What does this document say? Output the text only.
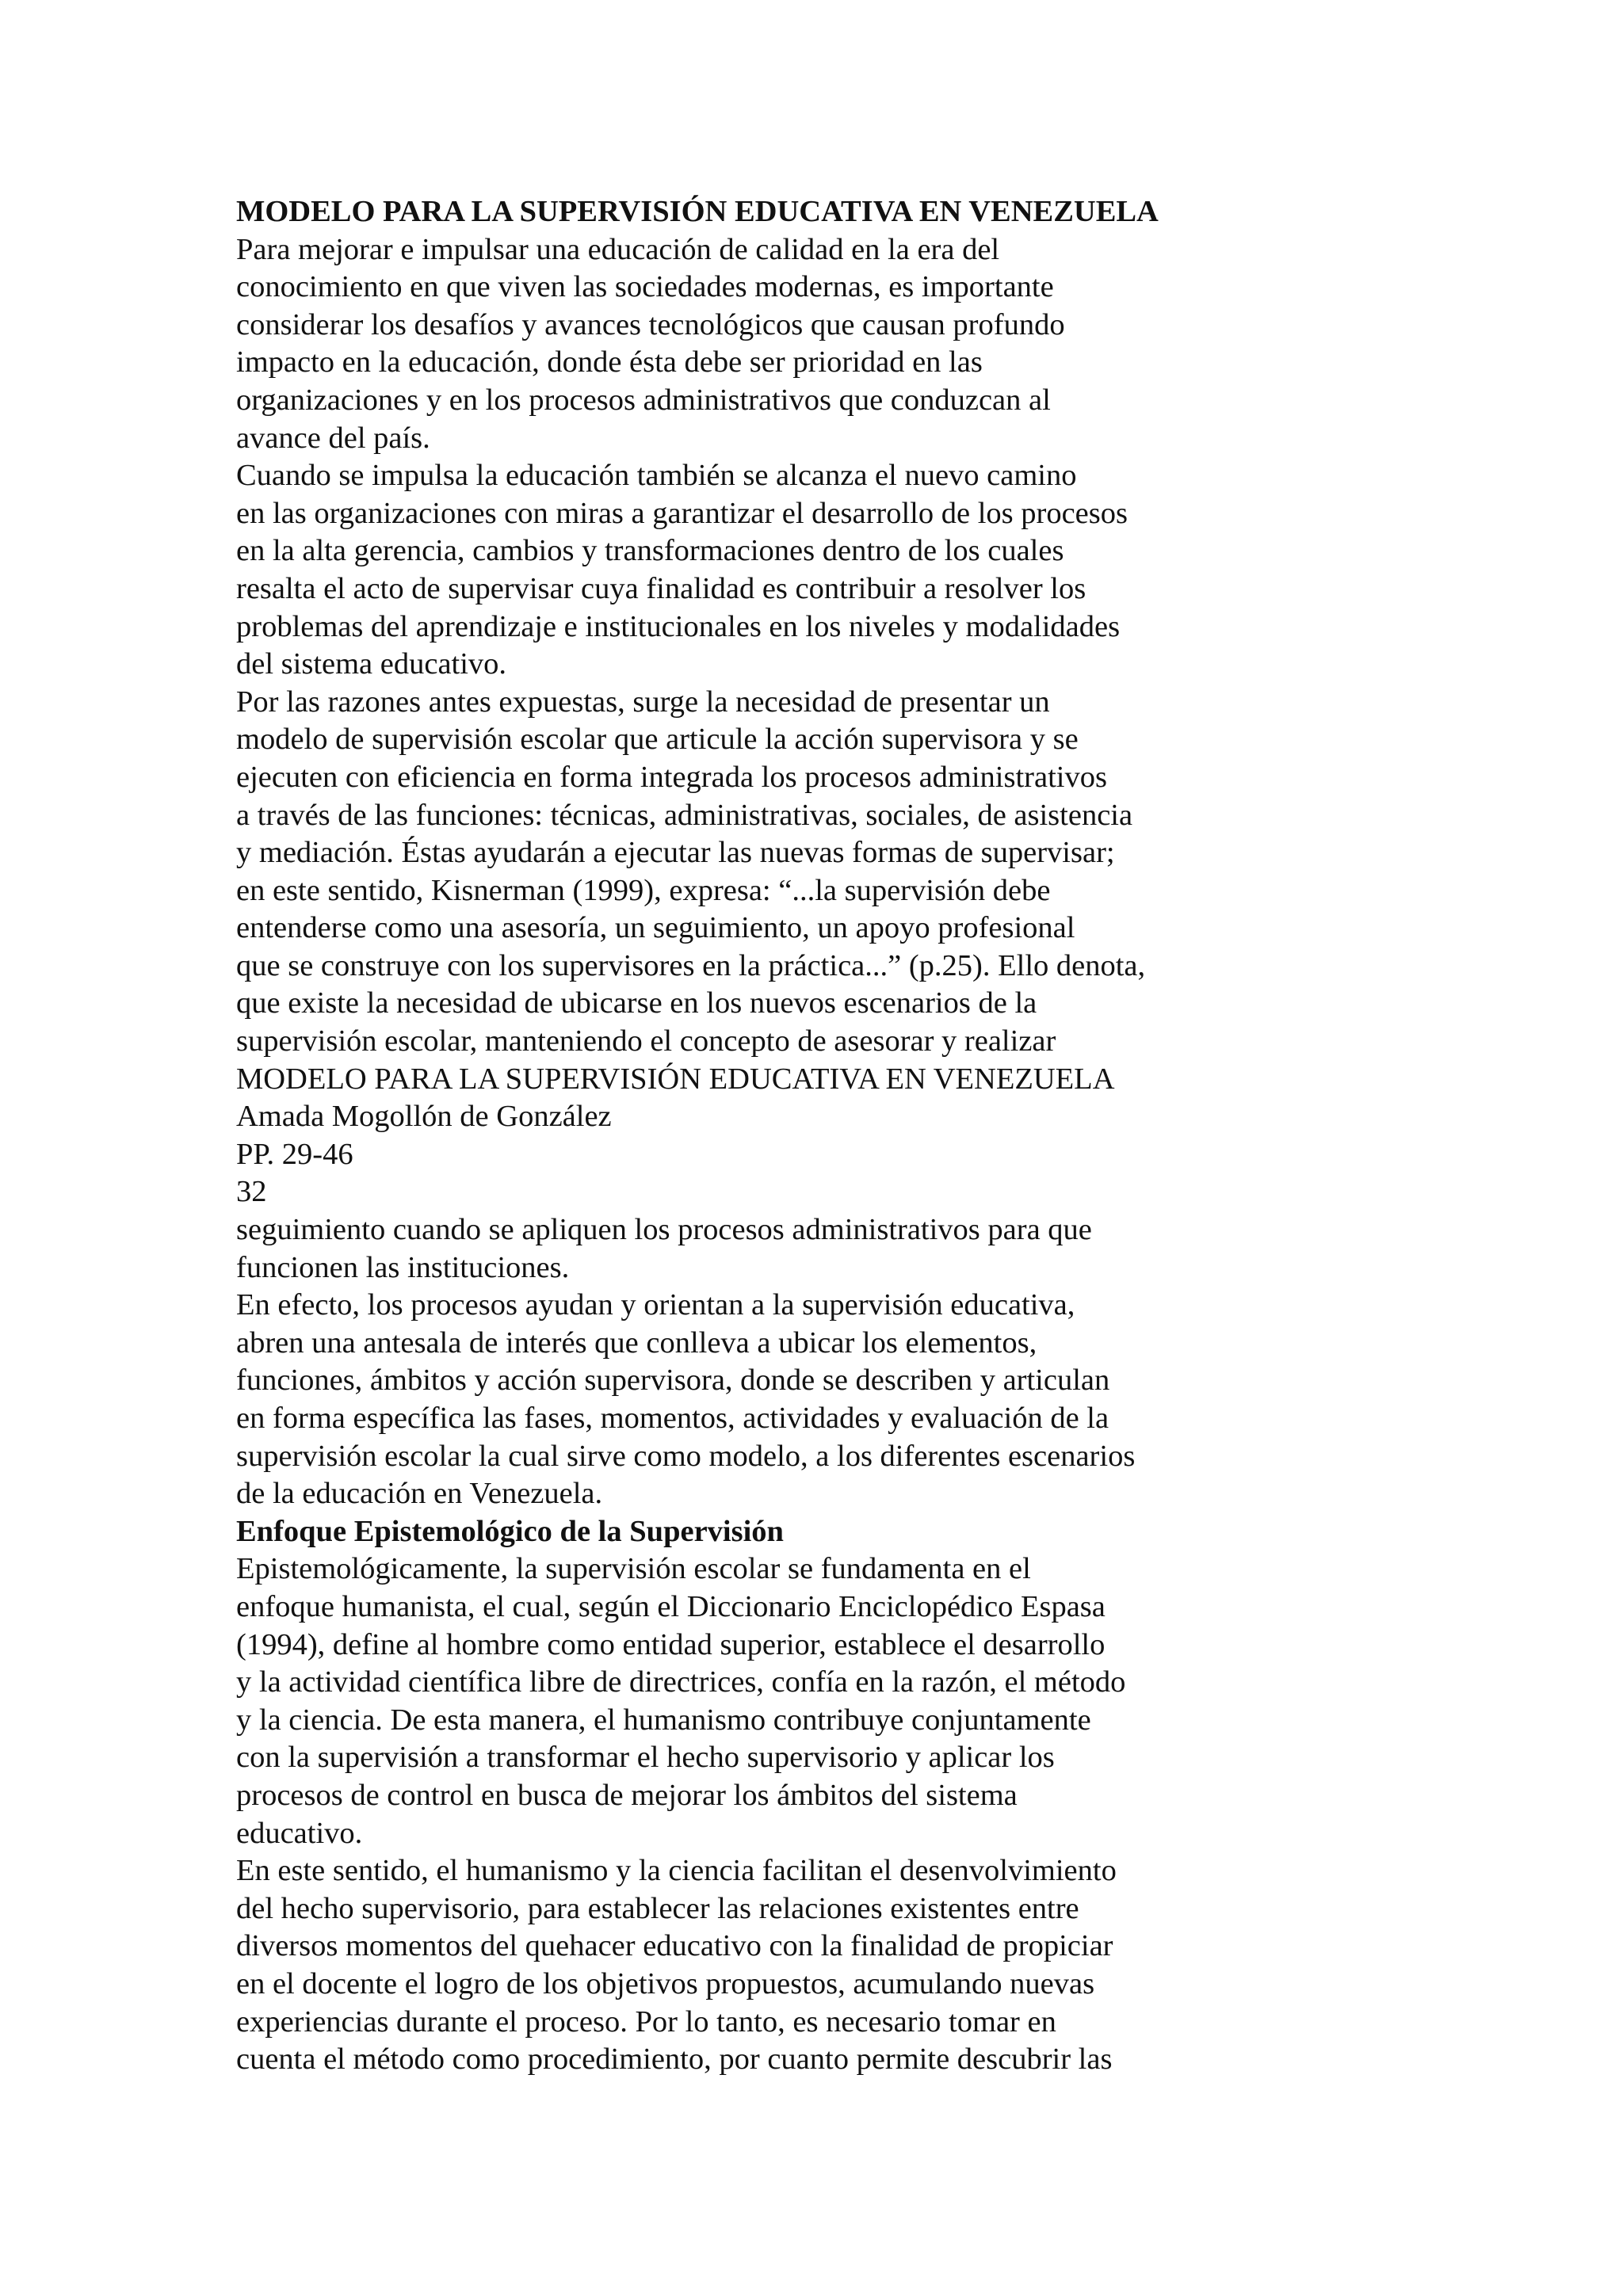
MODELO PARA LA SUPERVISIÓN EDUCATIVA EN VENEZUELA
Para mejorar e impulsar una educación de calidad en la era del
conocimiento en que viven las sociedades modernas, es importante
considerar los desafíos y avances tecnológicos que causan profundo
impacto en la educación, donde ésta debe ser prioridad en las
organizaciones y en los procesos administrativos que conduzcan al
avance del país.
Cuando se impulsa la educación también se alcanza el nuevo camino
en las organizaciones con miras a garantizar el desarrollo de los procesos
en la alta gerencia, cambios y transformaciones dentro de los cuales
resalta el acto de supervisar cuya finalidad es contribuir a resolver los
problemas del aprendizaje e institucionales en los niveles y modalidades
del sistema educativo.
Por las razones antes expuestas, surge la necesidad de presentar un
modelo de supervisión escolar que articule la acción supervisora y se
ejecuten con eficiencia en forma integrada los procesos administrativos
a través de las funciones: técnicas, administrativas, sociales, de asistencia
y mediación. Éstas ayudarán a ejecutar las nuevas formas de supervisar;
en este sentido, Kisnerman (1999), expresa: “...la supervisión debe
entenderse como una asesoría, un seguimiento, un apoyo profesional
que se construye con los supervisores en la práctica...” (p.25). Ello denota,
que existe la necesidad de ubicarse en los nuevos escenarios de la
supervisión escolar, manteniendo el concepto de asesorar y realizar
MODELO PARA LA SUPERVISIÓN EDUCATIVA EN VENEZUELA
Amada Mogollón de González
PP. 29-46
32
seguimiento cuando se apliquen los procesos administrativos para que
funcionen las instituciones.
En efecto, los procesos ayudan y orientan a la supervisión educativa,
abren una antesala de interés que conlleva a ubicar los elementos,
funciones, ámbitos y acción supervisora, donde se describen y articulan
en forma específica las fases, momentos, actividades y evaluación de la
supervisión escolar la cual sirve como modelo, a los diferentes escenarios
de la educación en Venezuela.
Enfoque Epistemológico de la Supervisión
Epistemológicamente, la supervisión escolar se fundamenta en el
enfoque humanista, el cual, según el Diccionario Enciclopédico Espasa
(1994), define al hombre como entidad superior, establece el desarrollo
y la actividad científica libre de directrices, confía en la razón, el método
y la ciencia. De esta manera, el humanismo contribuye conjuntamente
con la supervisión a transformar el hecho supervisorio y aplicar los
procesos de control en busca de mejorar los ámbitos del sistema
educativo.
En este sentido, el humanismo y la ciencia facilitan el desenvolvimiento
del hecho supervisorio, para establecer las relaciones existentes entre
diversos momentos del quehacer educativo con la finalidad de propiciar
en el docente el logro de los objetivos propuestos, acumulando nuevas
experiencias durante el proceso. Por lo tanto, es necesario tomar en
cuenta el método como procedimiento, por cuanto permite descubrir las
